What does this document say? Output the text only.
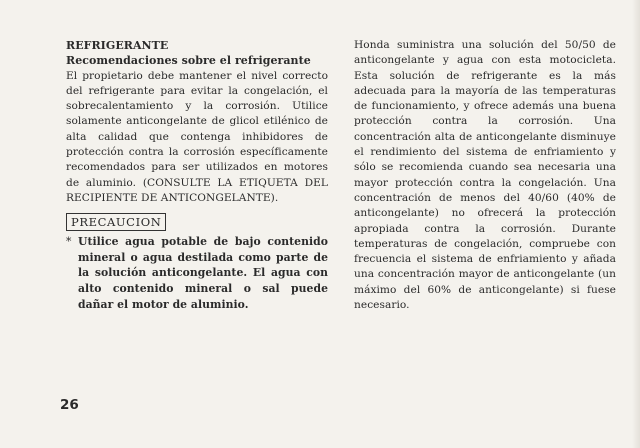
REFRIGERANTE
Recomendaciones sobre el refrigerante

El propietario debe mantener el nivel correcto del refrigerante para evitar la congelación, el sobrecalentamiento y la corrosión. Utilice solamente anticongelante de glicol etilénico de alta calidad que contenga inhibidores de protección contra la corrosión específicamente recomendados para ser utilizados en motores de aluminio. (CONSULTE LA ETIQUETA DEL RECIPIENTE DE ANTICONGELANTE).

PRECAUCION
* Utilice agua potable de bajo contenido mineral o agua destilada como parte de la solución anticongelante. El agua con alto contenido mineral o sal puede dañar el motor de aluminio.

Honda suministra una solución del 50/50 de anticongelante y agua con esta motocicleta. Esta solución de refrigerante es la más adecuada para la mayoría de las temperaturas de funcionamiento, y ofrece además una buena protección contra la corrosión. Una concentración alta de anticongelante disminuye el rendimiento del sistema de enfriamiento y sólo se recomienda cuando sea necesaria una mayor protección contra la congelación. Una concentración de menos del 40/60 (40% de anticongelante) no ofrecerá la protección apropiada contra la corrosión. Durante temperaturas de congelación, compruebe con frecuencia el sistema de enfriamiento y añada una concentración mayor de anticongelante (un máximo del 60% de anticongelante) si fuese necesario.

26
